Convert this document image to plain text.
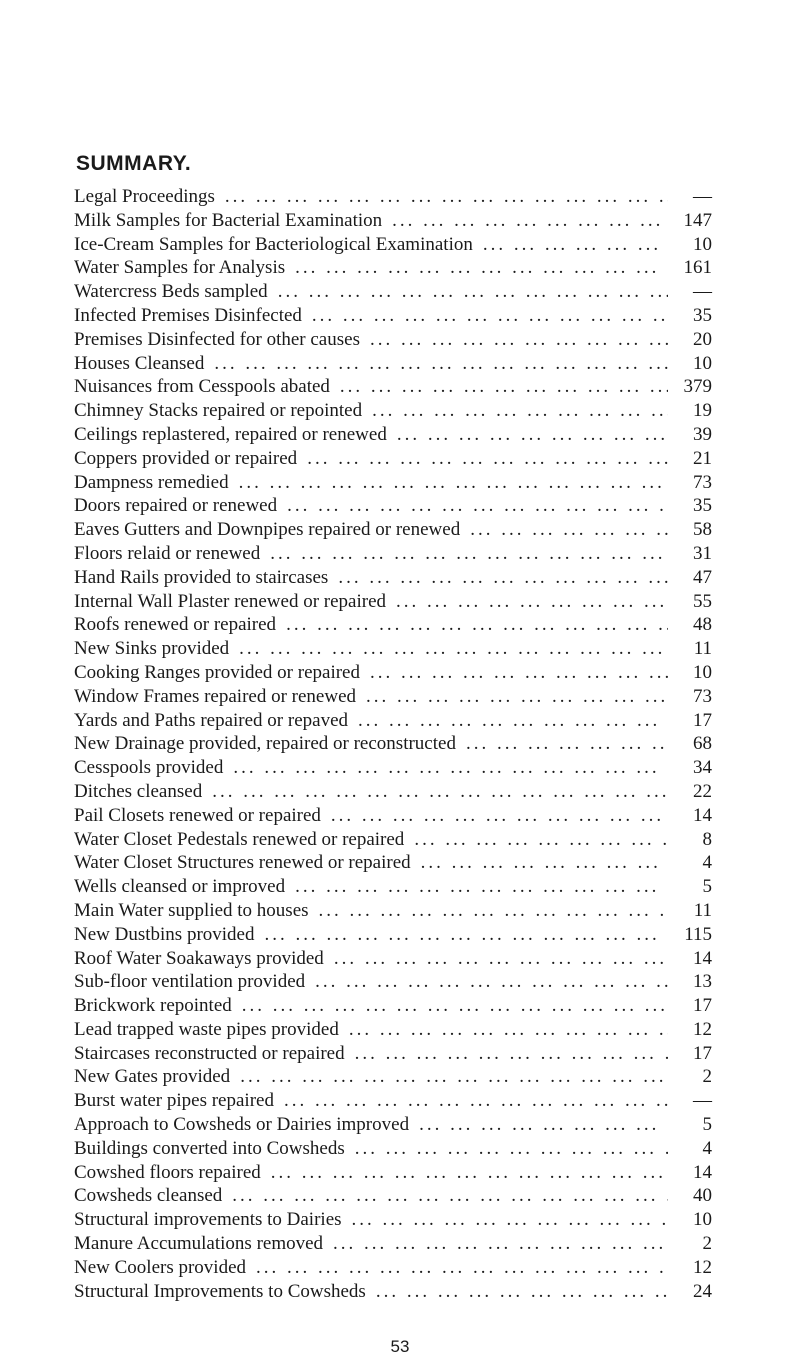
SUMMARY.
Legal Proceedings ... .	—
Milk Samples for Bacterial Examination ... .	147
Ice-Cream Samples for Bacteriological Examination ... .	10
Water Samples for Analysis ... .	161
Watercress Beds sampled ... .	—
Infected Premises Disinfected ... .	35
Premises Disinfected for other causes ... .	20
Houses Cleansed ... .	10
Nuisances from Cesspools abated ... .	379
Chimney Stacks repaired or repointed ... .	19
Ceilings replastered, repaired or renewed ... .	39
Coppers provided or repaired ... .	21
Dampness remedied ... .	73
Doors repaired or renewed ... .	35
Eaves Gutters and Downpipes repaired or renewed ... .	58
Floors relaid or renewed ... .	31
Hand Rails provided to staircases ... .	47
Internal Wall Plaster renewed or repaired ... .	55
Roofs renewed or repaired ... .	48
New Sinks provided ... .	11
Cooking Ranges provided or repaired ... .	10
Window Frames repaired or renewed ... .	73
Yards and Paths repaired or repaved ... .	17
New Drainage provided, repaired or reconstructed ... .	68
Cesspools provided ... .	34
Ditches cleansed ... .	22
Pail Closets renewed or repaired ... .	14
Water Closet Pedestals renewed or repaired ... .	8
Water Closet Structures renewed or repaired ... .	4
Wells cleansed or improved ... .	5
Main Water supplied to houses ... .	11
New Dustbins provided ... .	115
Roof Water Soakaways provided ... .	14
Sub-floor ventilation provided ... .	13
Brickwork repointed ... .	17
Lead trapped waste pipes provided ... .	12
Staircases reconstructed or repaired ... .	17
New Gates provided ... .	2
Burst water pipes repaired ... .	—
Approach to Cowsheds or Dairies improved ... .	5
Buildings converted into Cowsheds ... .	4
Cowshed floors repaired ... .	14
Cowsheds cleansed ... .	40
Structural improvements to Dairies ... .	10
Manure Accumulations removed ... .	2
New Coolers provided ... .	12
Structural Improvements to Cowsheds ... .	24
53
